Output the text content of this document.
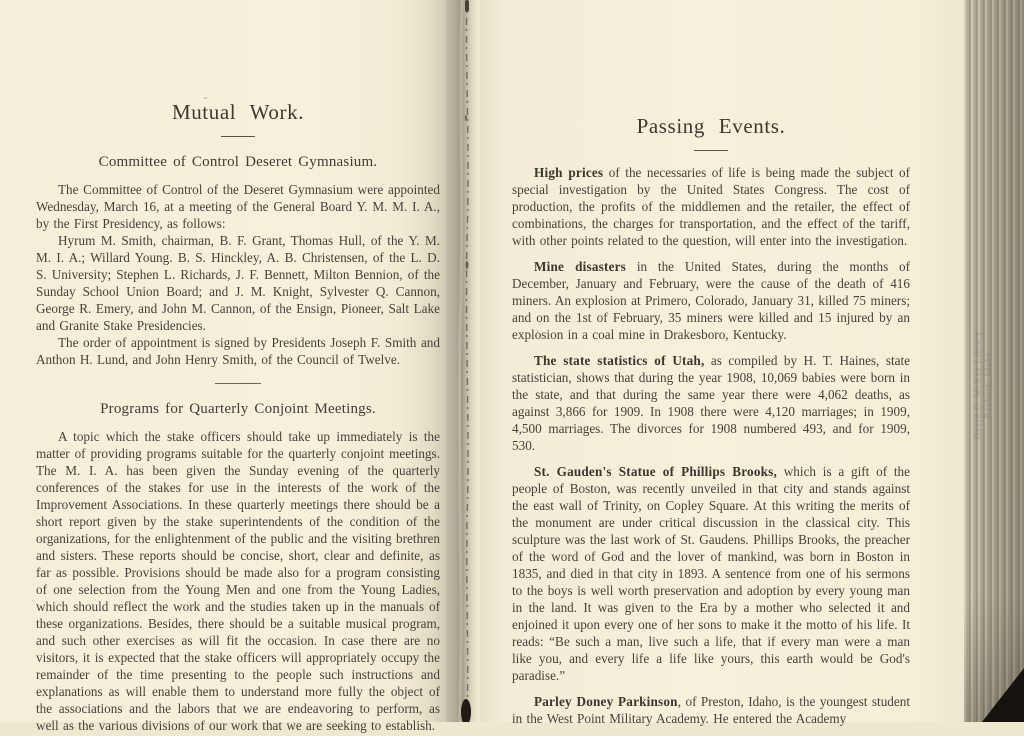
Mutual Work.
Committee of Control Deseret Gymnasium.

The Committee of Control of the Deseret Gymnasium were appointed Wednesday, March 16, at a meeting of the General Board Y. M. M. I. A., by the First Presidency, as follows:

Hyrum M. Smith, chairman, B. F. Grant, Thomas Hull, of the Y. M. M. I. A.; Willard Young. B. S. Hinckley, A. B. Christensen, of the L. D. S. University; Stephen L. Richards, J. F. Bennett, Milton Bennion, of the Sunday School Union Board; and J. M. Knight, Sylvester Q. Cannon, George R. Emery, and John M. Cannon, of the Ensign, Pioneer, Salt Lake and Granite Stake Presidencies.

The order of appointment is signed by Presidents Joseph F. Smith and Anthon H. Lund, and John Henry Smith, of the Council of Twelve.

Programs for Quarterly Conjoint Meetings.

A topic which the stake officers should take up immediately is the matter of providing programs suitable for the quarterly conjoint meetings. The M. I. A. has been given the Sunday evening of the quarterly conferences of the stakes for use in the interests of the work of the Improvement Associations. In these quarterly meetings there should be a short report given by the stake superintendents of the condition of the organizations, for the enlightenment of the public and the visiting brethren and sisters. These reports should be concise, short, clear and definite, as far as possible. Provisions should be made also for a program consisting of one selection from the Young Men and one from the Young Ladies, which should reflect the work and the studies taken up in the manuals of these organizations. Besides, there should be a suitable musical program, and such other exercises as will fit the occasion. In case there are no visitors, it is expected that the stake officers will appropriately occupy the remainder of the time presenting to the people such instructions and explanations as will enable them to understand more fully the object of the associations and the labors that we are endeavoring to perform, as well as the various divisions of our work that we are seeking to establish.

Passing Events.

High prices of the necessaries of life is being made the subject of special investigation by the United States Congress. The cost of production, the profits of the middlemen and the retailer, the effect of combinations, the charges for transportation, and the effect of the tariff, with other points related to the question, will enter into the investigation.

Mine disasters in the United States, during the months of December, January and February, were the cause of the death of 416 miners. An explosion at Primero, Colorado, January 31, killed 75 miners; and on the 1st of February, 35 miners were killed and 15 injured by an explosion in a coal mine in Drakesboro, Kentucky.

The state statistics of Utah, as compiled by H. T. Haines, state statistician, shows that during the year 1908, 10,069 babies were born in the state, and that during the same year there were 4,062 deaths, as against 3,866 for 1909. In 1908 there were 4,120 marriages; in 1909, 4,500 marriages. The divorces for 1908 numbered 493, and for 1909, 530.

St. Gauden's Statue of Phillips Brooks, which is a gift of the people of Boston, was recently unveiled in that city and stands against the east wall of Trinity, on Copley Square. At this writing the merits of the monument are under critical discussion in the classical city. This sculpture was the last work of St. Gaudens. Phillips Brooks, the preacher of the word of God and the lover of mankind, was born in Boston in 1835, and died in that city in 1893. A sentence from one of his sermons to the boys is well worth preservation and adoption by every young man in the land. It was given to the Era by a mother who selected it and enjoined it upon every one of her sons to make it the motto of his life. It reads: “Be such a man, live such a life, that if every man were a man like you, and every life a life like yours, this earth would be God's paradise.”

Parley Doney Parkinson, of Preston, Idaho, is the youngest student in the West Point Military Academy. He entered the Academy

David O. McKay Library Rexburg, Idaho
